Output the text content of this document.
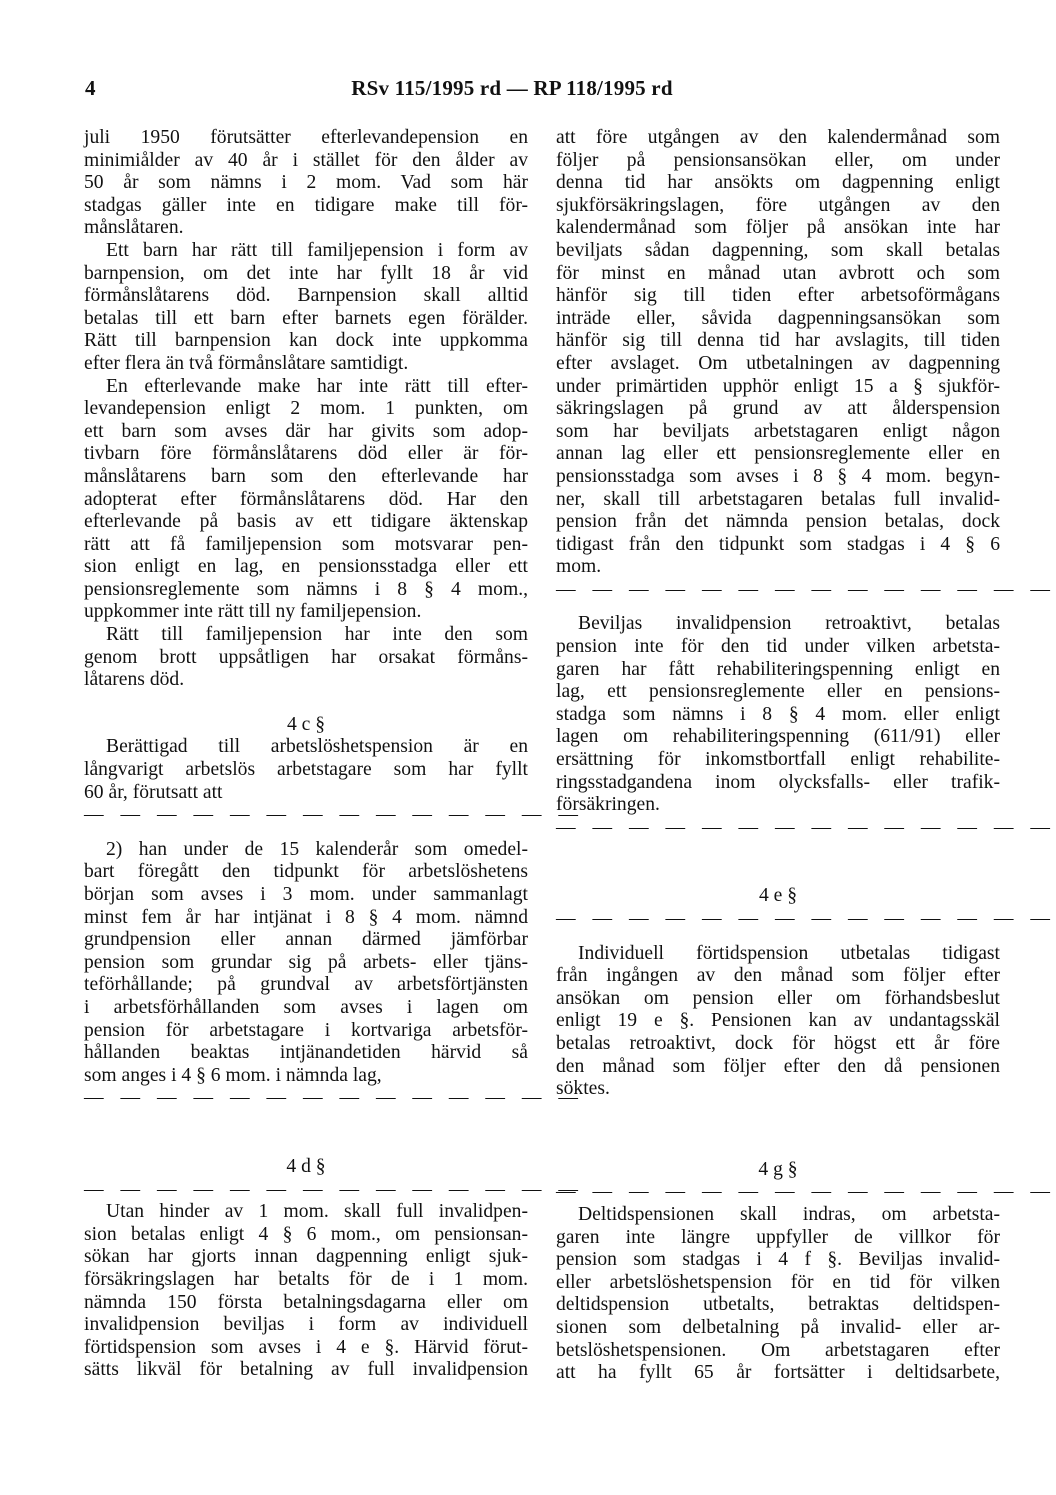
4	RSv 115/1995 rd — RP 118/1995 rd
juli 1950 förutsätter efterlevandepension en
minimiålder av 40 år i stället för den ålder av
50 år som nämns i 2 mom. Vad som här
stadgas gäller inte en tidigare make till för-
månslåtaren.
Ett barn har rätt till familjepension i form av
barnpension, om det inte har fyllt 18 år vid
förmånslåtarens död. Barnpension skall alltid
betalas till ett barn efter barnets egen förälder.
Rätt till barnpension kan dock inte uppkomma
efter flera än två förmånslåtare samtidigt.
En efterlevande make har inte rätt till efter-
levandepension enligt 2 mom. 1 punkten, om
ett barn som avses där har givits som adop-
tivbarn före förmånslåtarens död eller är för-
månslåtarens barn som den efterlevande har
adopterat efter förmånslåtarens död. Har den
efterlevande på basis av ett tidigare äktenskap
rätt att få familjepension som motsvarar pen-
sion enligt en lag, en pensionsstadga eller ett
pensionsreglemente som nämns i 8 § 4 mom.,
uppkommer inte rätt till ny familjepension.
Rätt till familjepension har inte den som
genom brott uppsåtligen har orsakat förmåns-
låtarens död.
4 c §
Berättigad till arbetslöshetspension är en
långvarigt arbetslös arbetstagare som har fyllt
60 år, förutsatt att
— — — — — — — — — — — — — —
2) han under de 15 kalenderår som omedel-
bart föregått den tidpunkt för arbetslöshetens
början som avses i 3 mom. under sammanlagt
minst fem år har intjänat i 8 § 4 mom. nämnd
grundpension eller annan därmed jämförbar
pension som grundar sig på arbets- eller tjäns-
teförhållande; på grundval av arbetsförtjänsten
i arbetsförhållanden som avses i lagen om
pension för arbetstagare i kortvariga arbetsför-
hållanden beaktas intjänandetiden härvid så
som anges i 4 § 6 mom. i nämnda lag,
— — — — — — — — — — — — — —
4 d §
— — — — — — — — — — — — — —
Utan hinder av 1 mom. skall full invalidpen-
sion betalas enligt 4 § 6 mom., om pensionsan-
sökan har gjorts innan dagpenning enligt sjuk-
försäkringslagen har betalts för de i 1 mom.
nämnda 150 första betalningsdagarna eller om
invalidpension beviljas i form av individuell
förtidspension som avses i 4 e §. Härvid förut-
sätts likväl för betalning av full invalidpension
att före utgången av den kalendermånad som
följer på pensionsansökan eller, om under
denna tid har ansökts om dagpenning enligt
sjukförsäkringslagen, före utgången av den
kalendermånad som följer på ansökan inte har
beviljats sådan dagpenning, som skall betalas
för minst en månad utan avbrott och som
hänför sig till tiden efter arbetsoförmågans
inträde eller, såvida dagpenningsansökan som
hänför sig till denna tid har avslagits, till tiden
efter avslaget. Om utbetalningen av dagpenning
under primärtiden upphör enligt 15 a § sjukför-
säkringslagen på grund av att ålderspension
som har beviljats arbetstagaren enligt någon
annan lag eller ett pensionsreglemente eller en
pensionsstadga som avses i 8 § 4 mom. begyn-
ner, skall till arbetstagaren betalas full invalid-
pension från det nämnda pension betalas, dock
tidigast från den tidpunkt som stadgas i 4 § 6
mom.
— — — — — — — — — — — — — —
Beviljas invalidpension retroaktivt, betalas
pension inte för den tid under vilken arbetsta-
garen har fått rehabiliteringspenning enligt en
lag, ett pensionsreglemente eller en pensions-
stadga som nämns i 8 § 4 mom. eller enligt
lagen om rehabiliteringspenning (611/91) eller
ersättning för inkomstbortfall enligt rehabilite-
ringsstadgandena inom olycksfalls- eller trafik-
försäkringen.
— — — — — — — — — — — — — —
4 e §
— — — — — — — — — — — — — —
Individuell förtidspension utbetalas tidigast
från ingången av den månad som följer efter
ansökan om pension eller om förhandsbeslut
enligt 19 e §. Pensionen kan av undantagsskäl
betalas retroaktivt, dock för högst ett år före
den månad som följer efter den då pensionen
söktes.
4 g §
— — — — — — — — — — — — — —
Deltidspensionen skall indras, om arbetsta-
garen inte längre uppfyller de villkor för
pension som stadgas i 4 f §. Beviljas invalid-
eller arbetslöshetspension för en tid för vilken
deltidspension utbetalts, betraktas deltidspen-
sionen som delbetalning på invalid- eller ar-
betslöshetspensionen. Om arbetstagaren efter
att ha fyllt 65 år fortsätter i deltidsarbete,
